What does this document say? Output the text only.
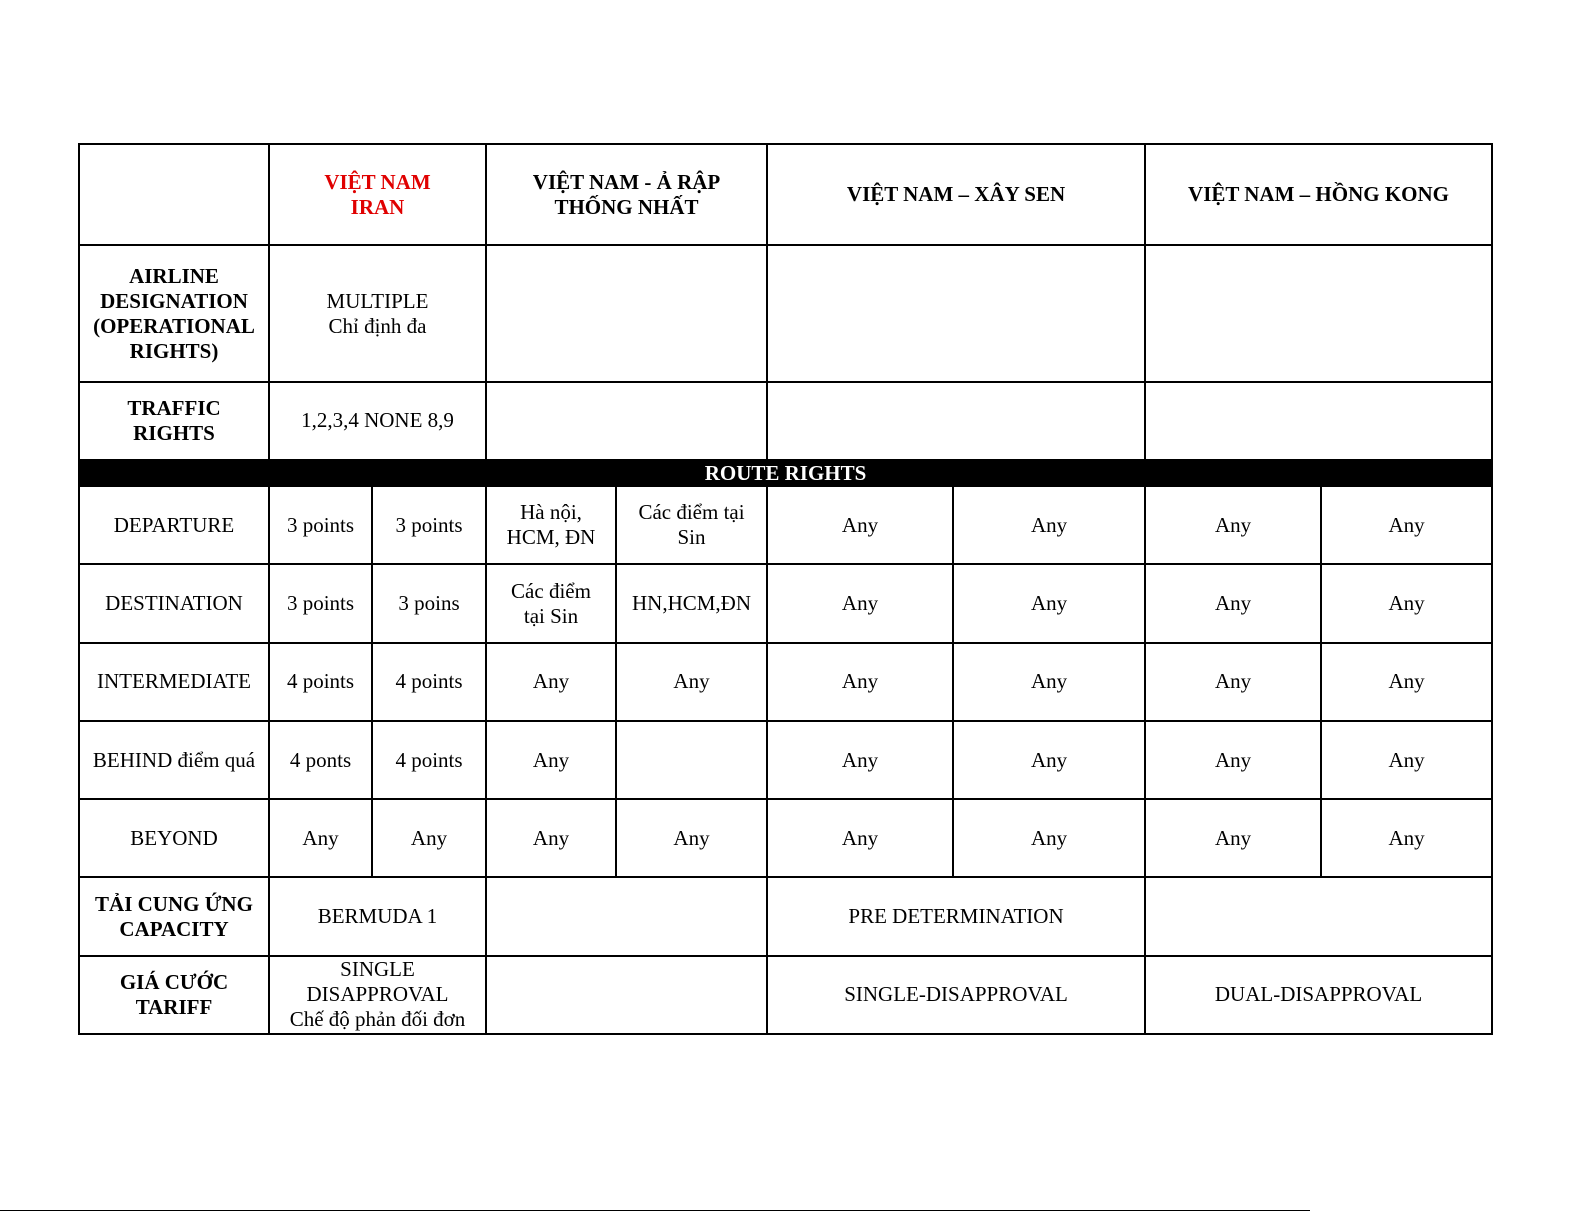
	VIỆT NAM
IRAN		VIỆT NAM - Ả RẬP
THỐNG NHẤT		VIỆT NAM – XÂY SEN		VIỆT NAM – HỒNG KONG	

AIRLINE
DESIGNATION
(OPERATIONAL
RIGHTS)	MULTIPLE
Chỉ định đa							

TRAFFIC
RIGHTS	1,2,3,4 NONE 8,9							
ROUTE RIGHTS								
DEPARTURE	3 points	3 points	Hà nội,
HCM, ĐN	Các điểm tại
Sin	Any	Any	Any	Any

DESTINATION	3 points	3 poins	Các điểm
tại Sin	HN,HCM,ĐN	Any	Any	Any	Any

INTERMEDIATE	4 points	4 points	Any	Any	Any	Any	Any	Any

BEHIND điểm quá	4 ponts	4 points	Any		Any	Any	Any	Any

BEYOND	Any	Any	Any	Any	Any	Any	Any	Any

TẢI CUNG ỨNG
CAPACITY	BERMUDA 1				PRE DETERMINATION			

GIÁ CƯỚC
TARIFF	SINGLE
DISAPPROVAL
Chế độ phản đối đơn				SINGLE-DISAPPROVAL		DUAL-DISAPPROVAL	
